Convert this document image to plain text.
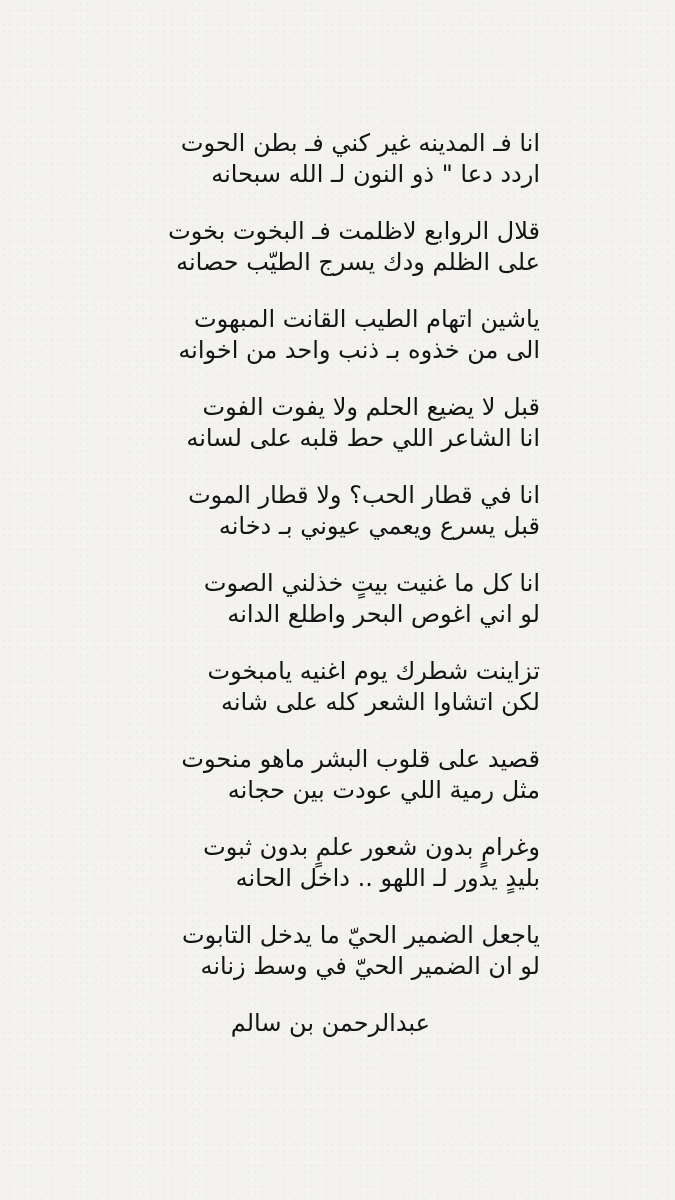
انا فـ المدينه غير كني فـ بطن الحوت
اردد دعا " ذو النون لـ الله سبحانه
قلال الروابع لاظلمت فـ البخوت بخوت
على الظلم ودك يسرج الطيّب حصانه
ياشين اتهام الطيب القانت المبهوت
الى من خذوه بـ ذنب واحد من اخوانه
قبل لا يضيع الحلم ولا يفوت الفوت
انا الشاعر اللي حط قلبه على لسانه
انا في قطار الحب؟ ولا قطار الموت
قبل يسرع ويعمي عيوني بـ دخانه
انا كل ما غنيت بيتٍ خذلني الصوت
لو اني اغوص البحر واطلع الدانه
تزاينت شطرك يوم اغنيه يامبخوت
لكن اتشاوا الشعر كله على شانه
قصيد على قلوب البشر ماهو منحوت
مثل رمية اللي عودت بين حجانه
وغرامٍ بدون شعور علمٍ بدون ثبوت
بليدٍ يدور لـ اللهو .. داخل الحانه
ياجعل الضمير الحيّ ما يدخل التابوت
لو ان الضمير الحيّ في وسط زنانه
عبدالرحمن بن سالم
